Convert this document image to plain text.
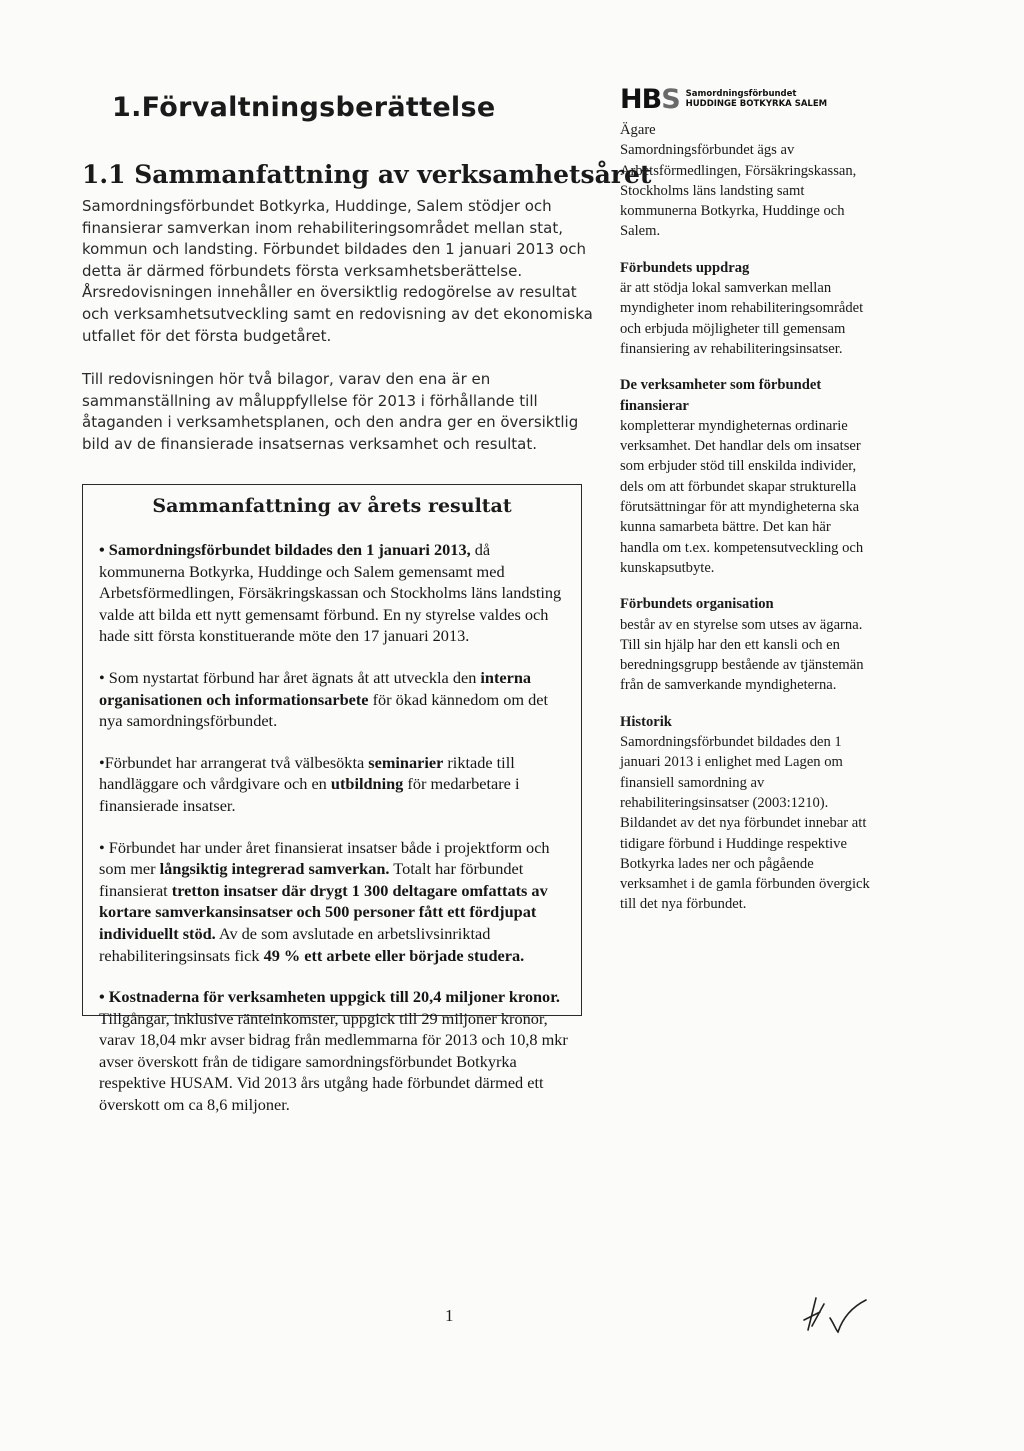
1.Förvaltningsberättelse
1.1 Sammanfattning av verksamhetsåret

Samordningsförbundet Botkyrka, Huddinge, Salem stödjer och finansierar samverkan inom rehabiliteringsområdet mellan stat, kommun och landsting. Förbundet bildades den 1 januari 2013 och detta är därmed förbundets första verksamhetsberättelse. Årsredovisningen innehåller en översiktlig redogörelse av resultat och verksamhetsutveckling samt en redovisning av det ekonomiska utfallet för det första budgetåret.

Till redovisningen hör två bilagor, varav den ena är en sammanställning av måluppfyllelse för 2013 i förhållande till åtaganden i verksamhetsplanen, och den andra ger en översiktlig bild av de finansierade insatsernas verksamhet och resultat.

Sammanfattning av årets resultat

• Samordningsförbundet bildades den 1 januari 2013, då kommunerna Botkyrka, Huddinge och Salem gemensamt med Arbetsförmedlingen, Försäkringskassan och Stockholms läns landsting valde att bilda ett nytt gemensamt förbund. En ny styrelse valdes och hade sitt första konstituerande möte den 17 januari 2013.

• Som nystartat förbund har året ägnats åt att utveckla den interna organisationen och informationsarbete för ökad kännedom om det nya samordningsförbundet.

•Förbundet har arrangerat två välbesökta seminarier riktade till handläggare och vårdgivare och en utbildning för medarbetare i finansierade insatser.

• Förbundet har under året finansierat insatser både i projektform och som mer långsiktig integrerad samverkan. Totalt har förbundet finansierat tretton insatser där drygt 1 300 deltagare omfattats av kortare samverkansinsatser och 500 personer fått ett fördjupat individuellt stöd. Av de som avslutade en arbetslivsinriktad rehabiliteringsinsats fick 49 % ett arbete eller började studera.

• Kostnaderna för verksamheten uppgick till 20,4 miljoner kronor. Tillgångar, inklusive ränteinkomster, uppgick till 29 miljoner kronor, varav 18,04 mkr avser bidrag från medlemmarna för 2013 och 10,8 mkr avser överskott från de tidigare samordningsförbundet Botkyrka respektive HUSAM. Vid 2013 års utgång hade förbundet därmed ett överskott om ca 8,6 miljoner.

HBS Samordningsförbundet
HUDDINGE BOTKYRKA SALEM
Ägare

Samordningsförbundet ägs av Arbetsförmedlingen, Försäkringskassan, Stockholms läns landsting samt kommunerna Botkyrka, Huddinge och Salem.

Förbundets uppdrag

är att stödja lokal samverkan mellan myndigheter inom rehabiliteringsområdet och erbjuda möjligheter till gemensam finansiering av rehabiliteringsinsatser.

De verksamheter som förbundet finansierar

kompletterar myndigheternas ordinarie verksamhet. Det handlar dels om insatser som erbjuder stöd till enskilda individer, dels om att förbundet skapar strukturella förutsättningar för att myndigheterna ska kunna samarbeta bättre. Det kan här handla om t.ex. kompetensutveckling och kunskapsutbyte.

Förbundets organisation

består av en styrelse som utses av ägarna. Till sin hjälp har den ett kansli och en beredningsgrupp bestående av tjänstemän från de samverkande myndigheterna.

Historik

Samordningsförbundet bildades den 1 januari 2013 i enlighet med Lagen om finansiell samordning av rehabiliteringsinsatser (2003:1210). Bildandet av det nya förbundet innebar att tidigare förbund i Huddinge respektive Botkyrka lades ner och pågående verksamhet i de gamla förbunden övergick till det nya förbundet.

1
